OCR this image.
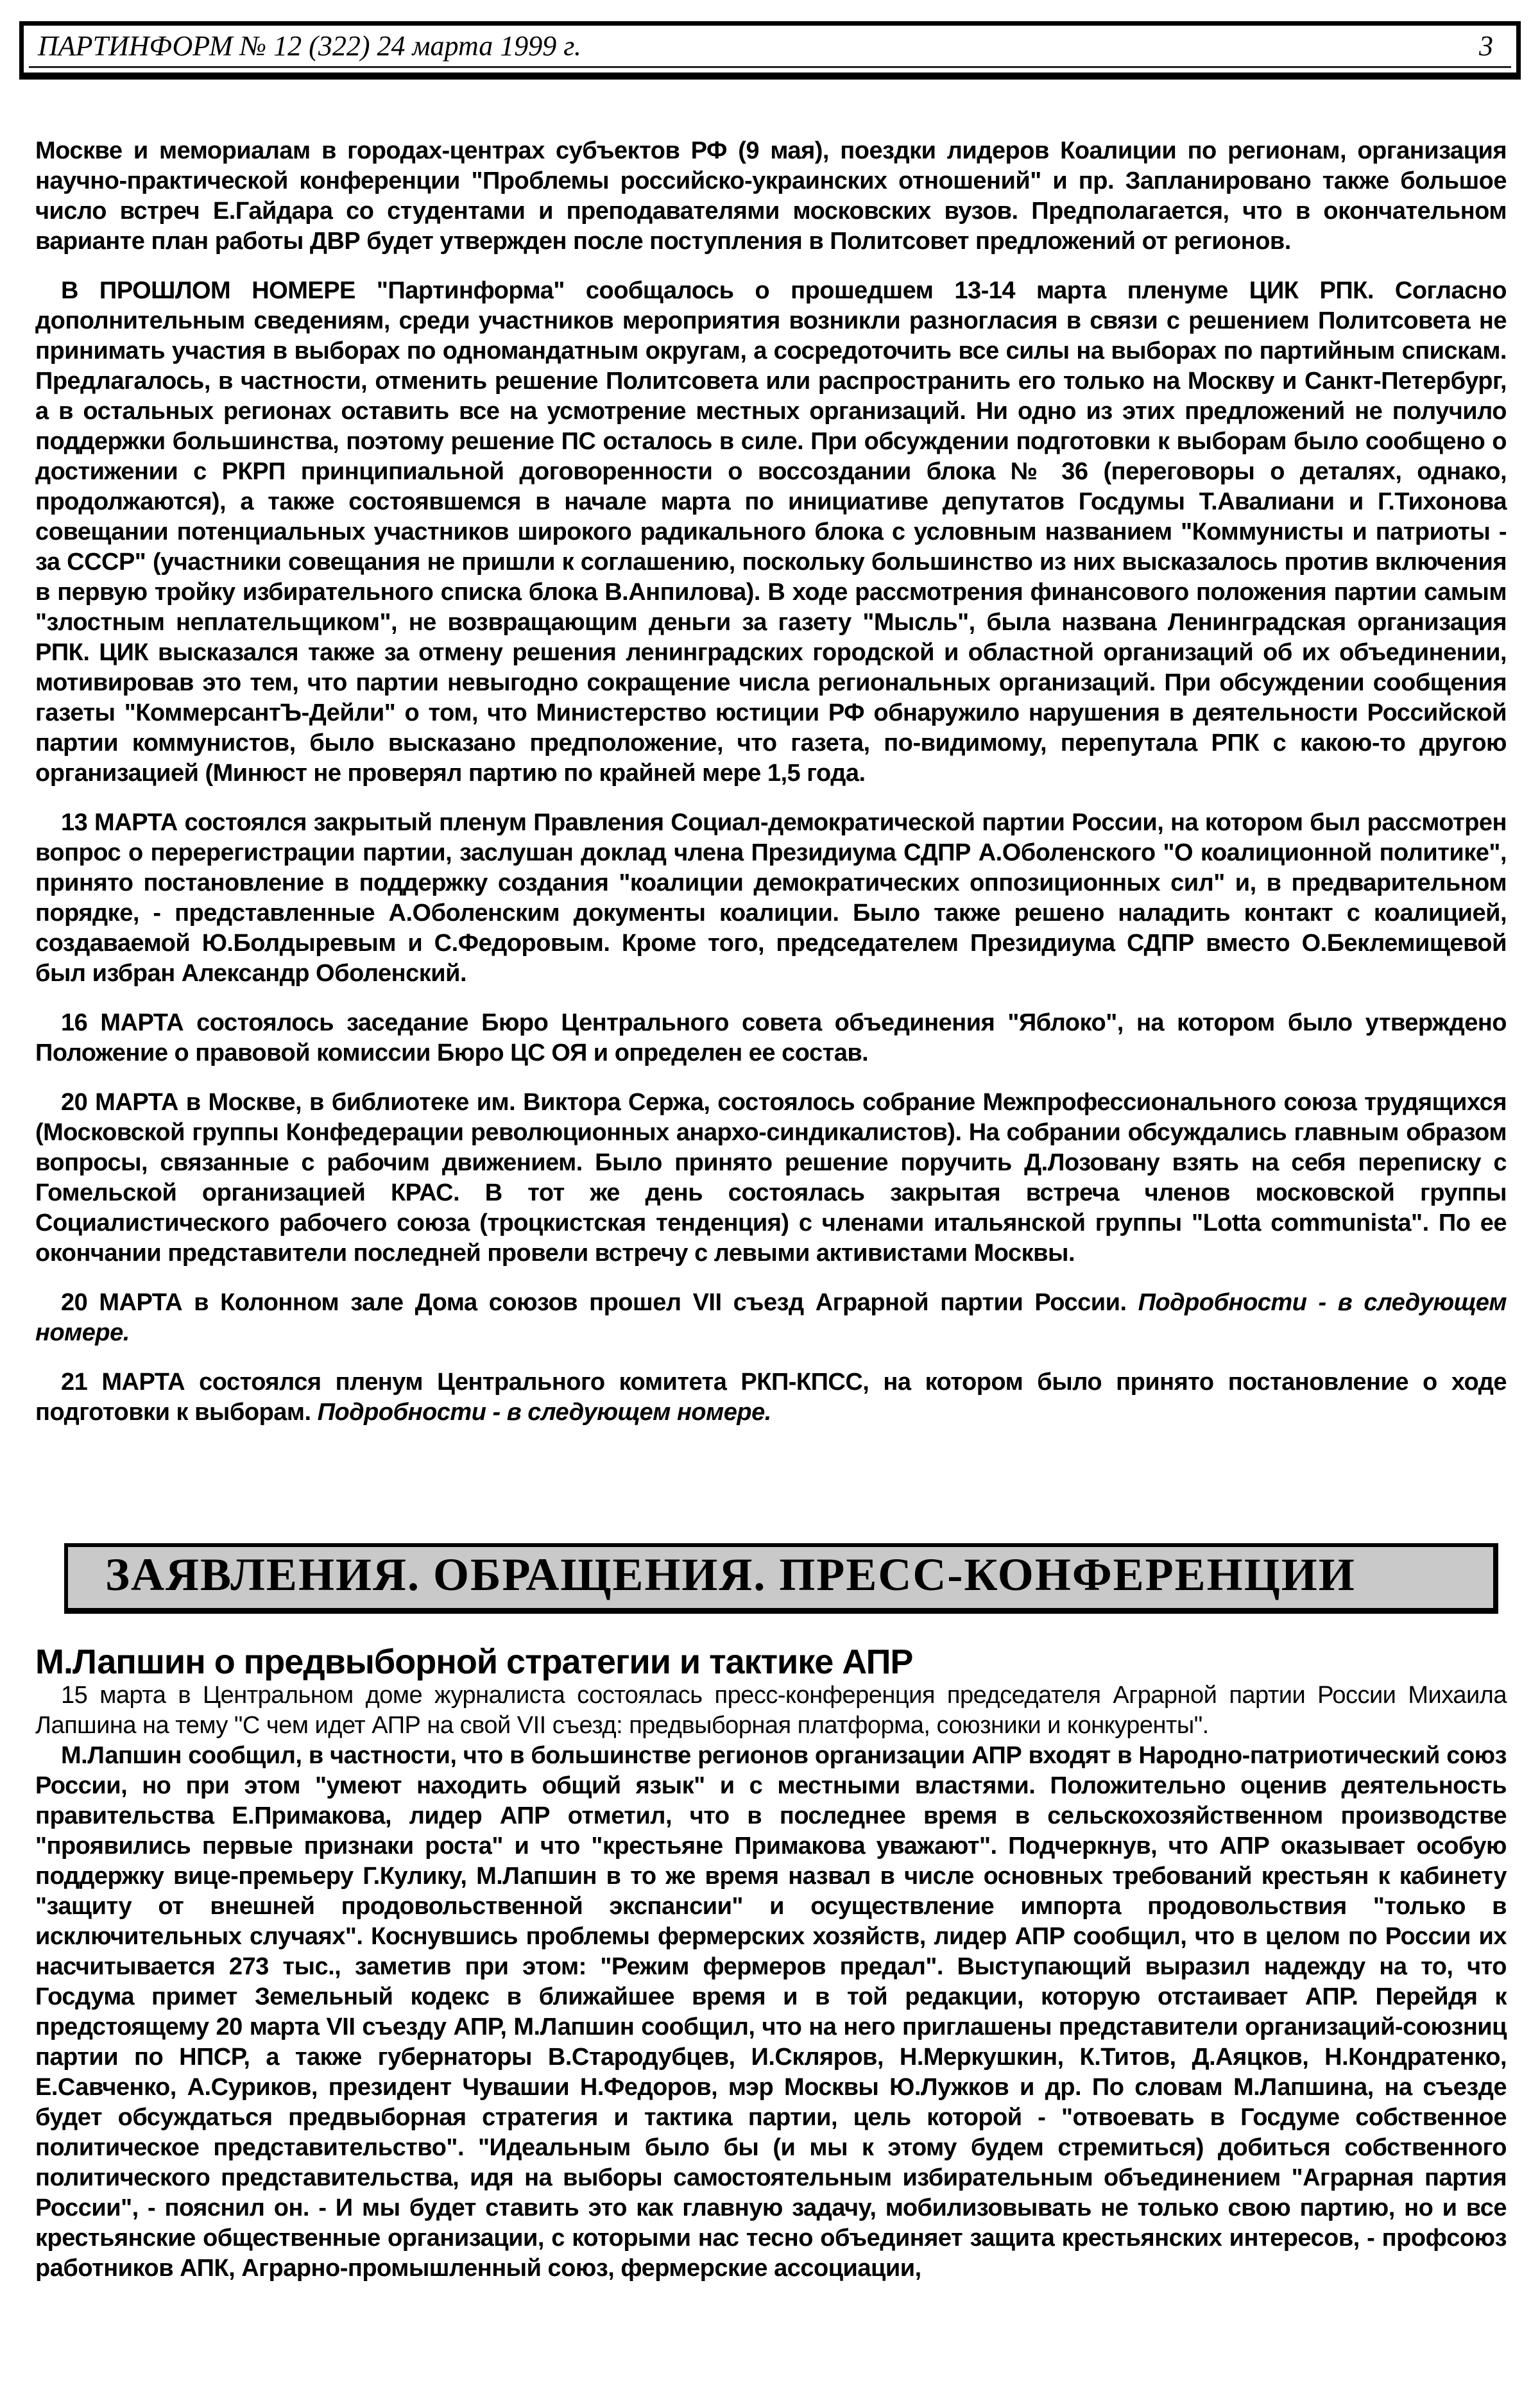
ПАРТИНФОРМ № 12 (322) 24 марта 1999 г.	3

Москве и мемориалам в городах-центрах субъектов РФ (9 мая), поездки лидеров Коалиции по регионам, организация научно-практической конференции "Проблемы российско-украинских отношений" и пр. Запланировано также большое число встреч Е.Гайдара со студентами и преподавателями московских вузов. Предполагается, что в окончательном варианте план работы ДВР будет утвержден после поступления в Политсовет предложений от регионов.

В ПРОШЛОМ НОМЕРЕ "Партинформа" сообщалось о прошедшем 13-14 марта пленуме ЦИК РПК. Согласно дополнительным сведениям, среди участников мероприятия возникли разногласия в связи с решением Политсовета не принимать участия в выборах по одномандатным округам, а сосредоточить все силы на выборах по партийным спискам. Предлагалось, в частности, отменить решение Политсовета или распространить его только на Москву и Санкт-Петербург, а в остальных регионах оставить все на усмотрение местных организаций. Ни одно из этих предложений не получило поддержки большинства, поэтому решение ПС осталось в силе. При обсуждении подготовки к выборам было сообщено о достижении с РКРП принципиальной договоренности о воссоздании блока № 36 (переговоры о деталях, однако, продолжаются), а также состоявшемся в начале марта по инициативе депутатов Госдумы Т.Авалиани и Г.Тихонова совещании потенциальных участников широкого радикального блока с условным названием "Коммунисты и патриоты - за СССР" (участники совещания не пришли к соглашению, поскольку большинство из них высказалось против включения в первую тройку избирательного списка блока В.Анпилова). В ходе рассмотрения финансового положения партии самым "злостным неплательщиком", не возвращающим деньги за газету "Мысль", была названа Ленинградская организация РПК. ЦИК высказался также за отмену решения ленинградских городской и областной организаций об их объединении, мотивировав это тем, что партии невыгодно сокращение числа региональных организаций. При обсуждении сообщения газеты "КоммерсантЪ-Дейли" о том, что Министерство юстиции РФ обнаружило нарушения в деятельности Российской партии коммунистов, было высказано предположение, что газета, по-видимому, перепутала РПК с какою-то другою организацией (Минюст не проверял партию по крайней мере 1,5 года.

13 МАРТА состоялся закрытый пленум Правления Социал-демократической партии России, на котором был рассмотрен вопрос о перерегистрации партии, заслушан доклад члена Президиума СДПР А.Оболенского "О коалиционной политике", принято постановление в поддержку создания "коалиции демократических оппозиционных сил" и, в предварительном порядке, - представленные А.Оболенским документы коалиции. Было также решено наладить контакт с коалицией, создаваемой Ю.Болдыревым и С.Федоровым. Кроме того, председателем Президиума СДПР вместо О.Беклемищевой был избран Александр Оболенский.

16 МАРТА состоялось заседание Бюро Центрального совета объединения "Яблоко", на котором было утверждено Положение о правовой комиссии Бюро ЦС ОЯ и определен ее состав.

20 МАРТА в Москве, в библиотеке им. Виктора Сержа, состоялось собрание Межпрофессионального союза трудящихся (Московской группы Конфедерации революционных анархо-синдикалистов). На собрании обсуждались главным образом вопросы, связанные с рабочим движением. Было принято решение поручить Д.Лозовану взять на себя переписку с Гомельской организацией КРАС. В тот же день состоялась закрытая встреча членов московской группы Социалистического рабочего союза (троцкистская тенденция) с членами итальянской группы "Lotta communista". По ее окончании представители последней провели встречу с левыми активистами Москвы.

20 МАРТА в Колонном зале Дома союзов прошел VII съезд Аграрной партии России. Подробности - в следующем номере.

21 МАРТА состоялся пленум Центрального комитета РКП-КПСС, на котором было принято постановление о ходе подготовки к выборам. Подробности - в следующем номере.

ЗАЯВЛЕНИЯ. ОБРАЩЕНИЯ. ПРЕСС-КОНФЕРЕНЦИИ

М.Лапшин о предвыборной стратегии и тактике АПР

15 марта в Центральном доме журналиста состоялась пресс-конференция председателя Аграрной партии России Михаила Лапшина на тему "С чем идет АПР на свой VII съезд: предвыборная платформа, союзники и конкуренты".

М.Лапшин сообщил, в частности, что в большинстве регионов организации АПР входят в Народно-патриотический союз России, но при этом "умеют находить общий язык" и с местными властями. Положительно оценив деятельность правительства Е.Примакова, лидер АПР отметил, что в последнее время в сельскохозяйственном производстве "проявились первые признаки роста" и что "крестьяне Примакова уважают". Подчеркнув, что АПР оказывает особую поддержку вице-премьеру Г.Кулику, М.Лапшин в то же время назвал в числе основных требований крестьян к кабинету "защиту от внешней продовольственной экспансии" и осуществление импорта продовольствия "только в исключительных случаях". Коснувшись проблемы фермерских хозяйств, лидер АПР сообщил, что в целом по России их насчитывается 273 тыс., заметив при этом: "Режим фермеров предал". Выступающий выразил надежду на то, что Госдума примет Земельный кодекс в ближайшее время и в той редакции, которую отстаивает АПР. Перейдя к предстоящему 20 марта VII съезду АПР, М.Лапшин сообщил, что на него приглашены представители организаций-союзниц партии по НПСР, а также губернаторы В.Стародубцев, И.Скляров, Н.Меркушкин, К.Титов, Д.Аяцков, Н.Кондратенко, Е.Савченко, А.Суриков, президент Чувашии Н.Федоров, мэр Москвы Ю.Лужков и др. По словам М.Лапшина, на съезде будет обсуждаться предвыборная стратегия и тактика партии, цель которой - "отвоевать в Госдуме собственное политическое представительство". "Идеальным было бы (и мы к этому будем стремиться) добиться собственного политического представительства, идя на выборы самостоятельным избирательным объединением "Аграрная партия России", - пояснил он. - И мы будет ставить это как главную задачу, мобилизовывать не только свою партию, но и все крестьянские общественные организации, с которыми нас тесно объединяет защита крестьянских интересов, - профсоюз работников АПК, Аграрно-промышленный союз, фермерские ассоциации,
